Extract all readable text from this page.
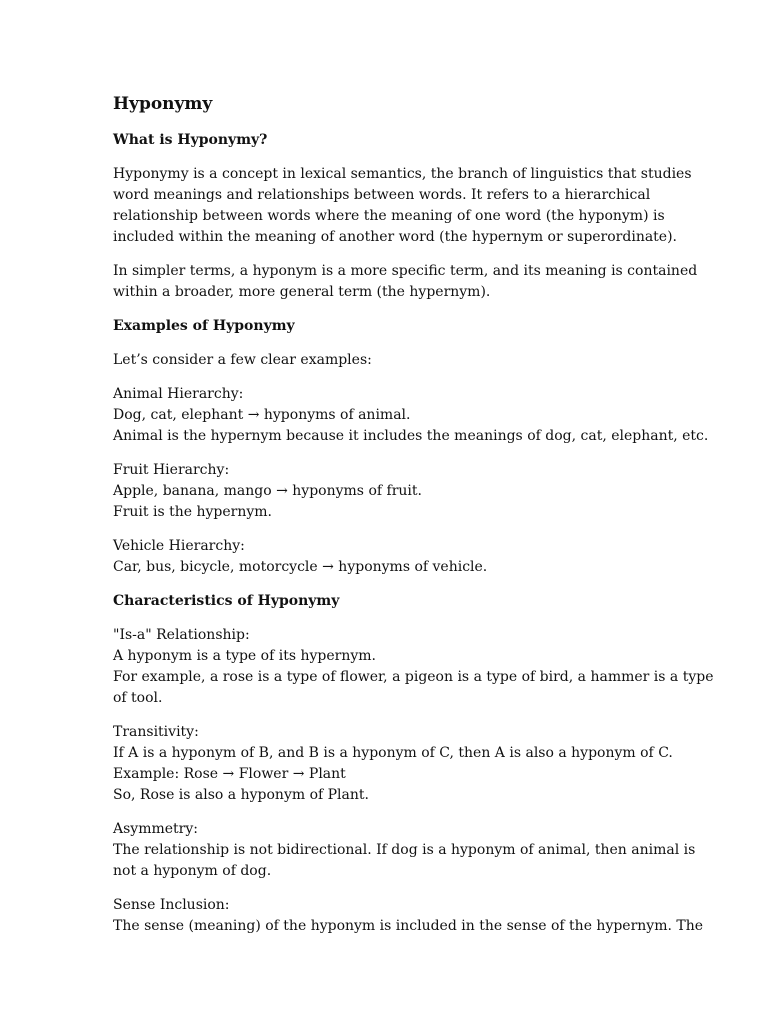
Hyponymy
What is Hyponymy?
Hyponymy is a concept in lexical semantics, the branch of linguistics that studies
word meanings and relationships between words. It refers to a hierarchical
relationship between words where the meaning of one word (the hyponym) is
included within the meaning of another word (the hypernym or superordinate).
In simpler terms, a hyponym is a more specific term, and its meaning is contained
within a broader, more general term (the hypernym).
Examples of Hyponymy
Let’s consider a few clear examples:
Animal Hierarchy:
Dog, cat, elephant → hyponyms of animal.
Animal is the hypernym because it includes the meanings of dog, cat, elephant, etc.
Fruit Hierarchy:
Apple, banana, mango → hyponyms of fruit.
Fruit is the hypernym.
Vehicle Hierarchy:
Car, bus, bicycle, motorcycle → hyponyms of vehicle.
Characteristics of Hyponymy
"Is-a" Relationship:
A hyponym is a type of its hypernym.
For example, a rose is a type of flower, a pigeon is a type of bird, a hammer is a type
of tool.
Transitivity:
If A is a hyponym of B, and B is a hyponym of C, then A is also a hyponym of C.
Example: Rose → Flower → Plant
So, Rose is also a hyponym of Plant.
Asymmetry:
The relationship is not bidirectional. If dog is a hyponym of animal, then animal is
not a hyponym of dog.
Sense Inclusion:
The sense (meaning) of the hyponym is included in the sense of the hypernym. The
